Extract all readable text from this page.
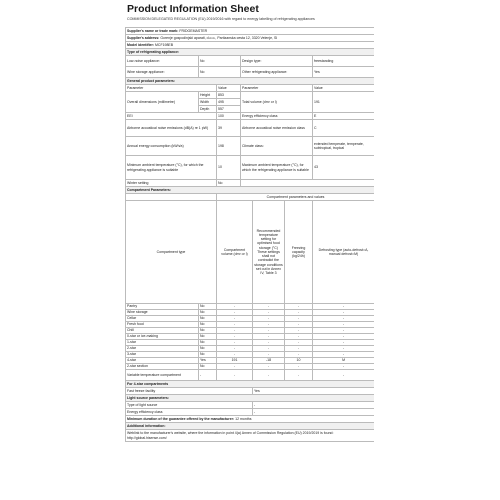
Product Information Sheet
COMMISSION DELEGATED REGULATION (EU) 2019/2016 with regard to energy labelling of refrigerating appliances
Supplier's name or trade mark: FRIDGEMASTER						
Supplier's address: Gorenje gospodinjski aparati, d.o.o., Partizanska cesta 12, 3320 Velenje, SI						
Model identifier: MCF198EB						
Type of refrigerating appliance:						
Low-noise appliance:	No		Design type:			freestanding
Wine storage appliance:	No		Other refrigerating appliance:			Yes
General product parameters:						
Parameter		Value	Parameter			Value
Overall dimensions (millimetre)	Height	853	Total volume (dm³ or l)			191
	Width	495				
	Depth	557				
EEI		100	Energy efficiency class			E
Airborne acoustical noise emissions (dB(A) re 1 pW)		39	Airborne acoustical noise emission class			C
Annual energy consumption (kWh/a)		198	Climate class:			extended temperate, temperate, subtropical, tropical
Minimum ambient temperature (°C), for which the refrigerating appliance is suitable		10	Maximum ambient temperature (°C), for which the refrigerating appliance is suitable			43
Winter setting		No				
Compartment Parameters:						
		Compartment parameters and values				
Compartment type		Compartment volume (dm³ or l)		Recommended temperature setting for optimised food storage (°C) These settings shall not contradict the storage conditions set out in Annex IV, Table 3	Freezing capacity (kg/24h)	Defrosting type (auto-defrost=A, manual defrost=M)
Pantry	No	-		-	-	-
Wine storage	No	-		-	-	-
Cellar	No	-		-	-	-
Fresh food	No	-		-	-	-
Chill	No	-		-	-	-
0-star or ice-making	No	-		-	-	-
1-star	No	-		-	-	-
2-star	No	-		-	-	-
3-star	No	-		-	-	-
4-star	Yes	191		-18	10	M
2-star section	No	-		-	-	-
Variable temperature compartment	-	-		-	-	-
For 4-star compartments						
Fast freeze facility				Yes		
Light source parameters:						
Type of light source				-		
Energy efficiency class				-		
Minimum duration of the guarantee offered by the manufacturer: 12 months						
Additional information:						
Weblink to the manufacturer's website, where the information in point 4(a) Annex of Commission Regulation (EU) 2019/2019 is found: http://global.hisense.com/						
